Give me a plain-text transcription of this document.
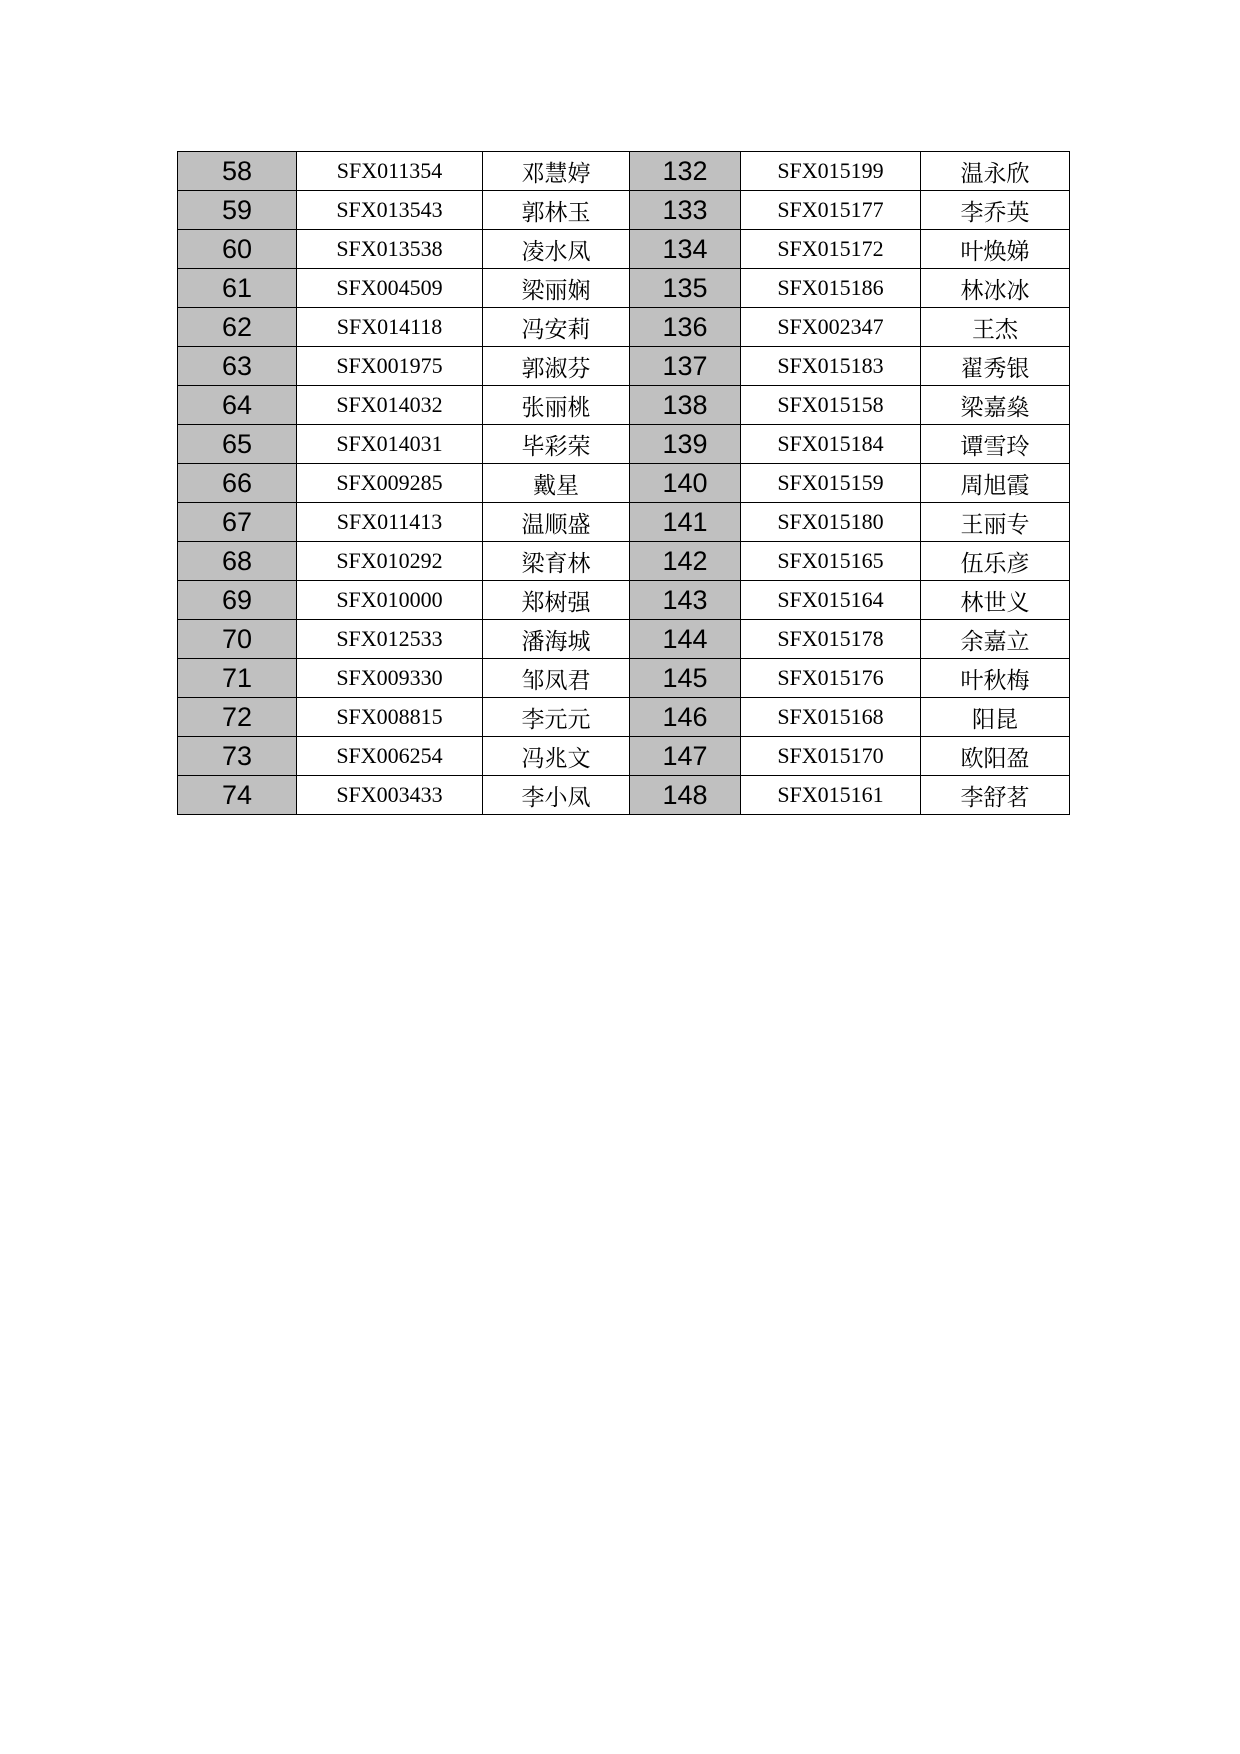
58	SFX011354	邓慧婷	132	SFX015199	温永欣
59	SFX013543	郭林玉	133	SFX015177	李乔英
60	SFX013538	凌水凤	134	SFX015172	叶焕娣
61	SFX004509	梁丽娴	135	SFX015186	林冰冰
62	SFX014118	冯安莉	136	SFX002347	王杰
63	SFX001975	郭淑芬	137	SFX015183	翟秀银
64	SFX014032	张丽桃	138	SFX015158	梁嘉燊
65	SFX014031	毕彩荣	139	SFX015184	谭雪玲
66	SFX009285	戴星	140	SFX015159	周旭霞
67	SFX011413	温顺盛	141	SFX015180	王丽专
68	SFX010292	梁育林	142	SFX015165	伍乐彦
69	SFX010000	郑树强	143	SFX015164	林世义
70	SFX012533	潘海城	144	SFX015178	余嘉立
71	SFX009330	邹凤君	145	SFX015176	叶秋梅
72	SFX008815	李元元	146	SFX015168	阳昆
73	SFX006254	冯兆文	147	SFX015170	欧阳盈
74	SFX003433	李小凤	148	SFX015161	李舒茗
